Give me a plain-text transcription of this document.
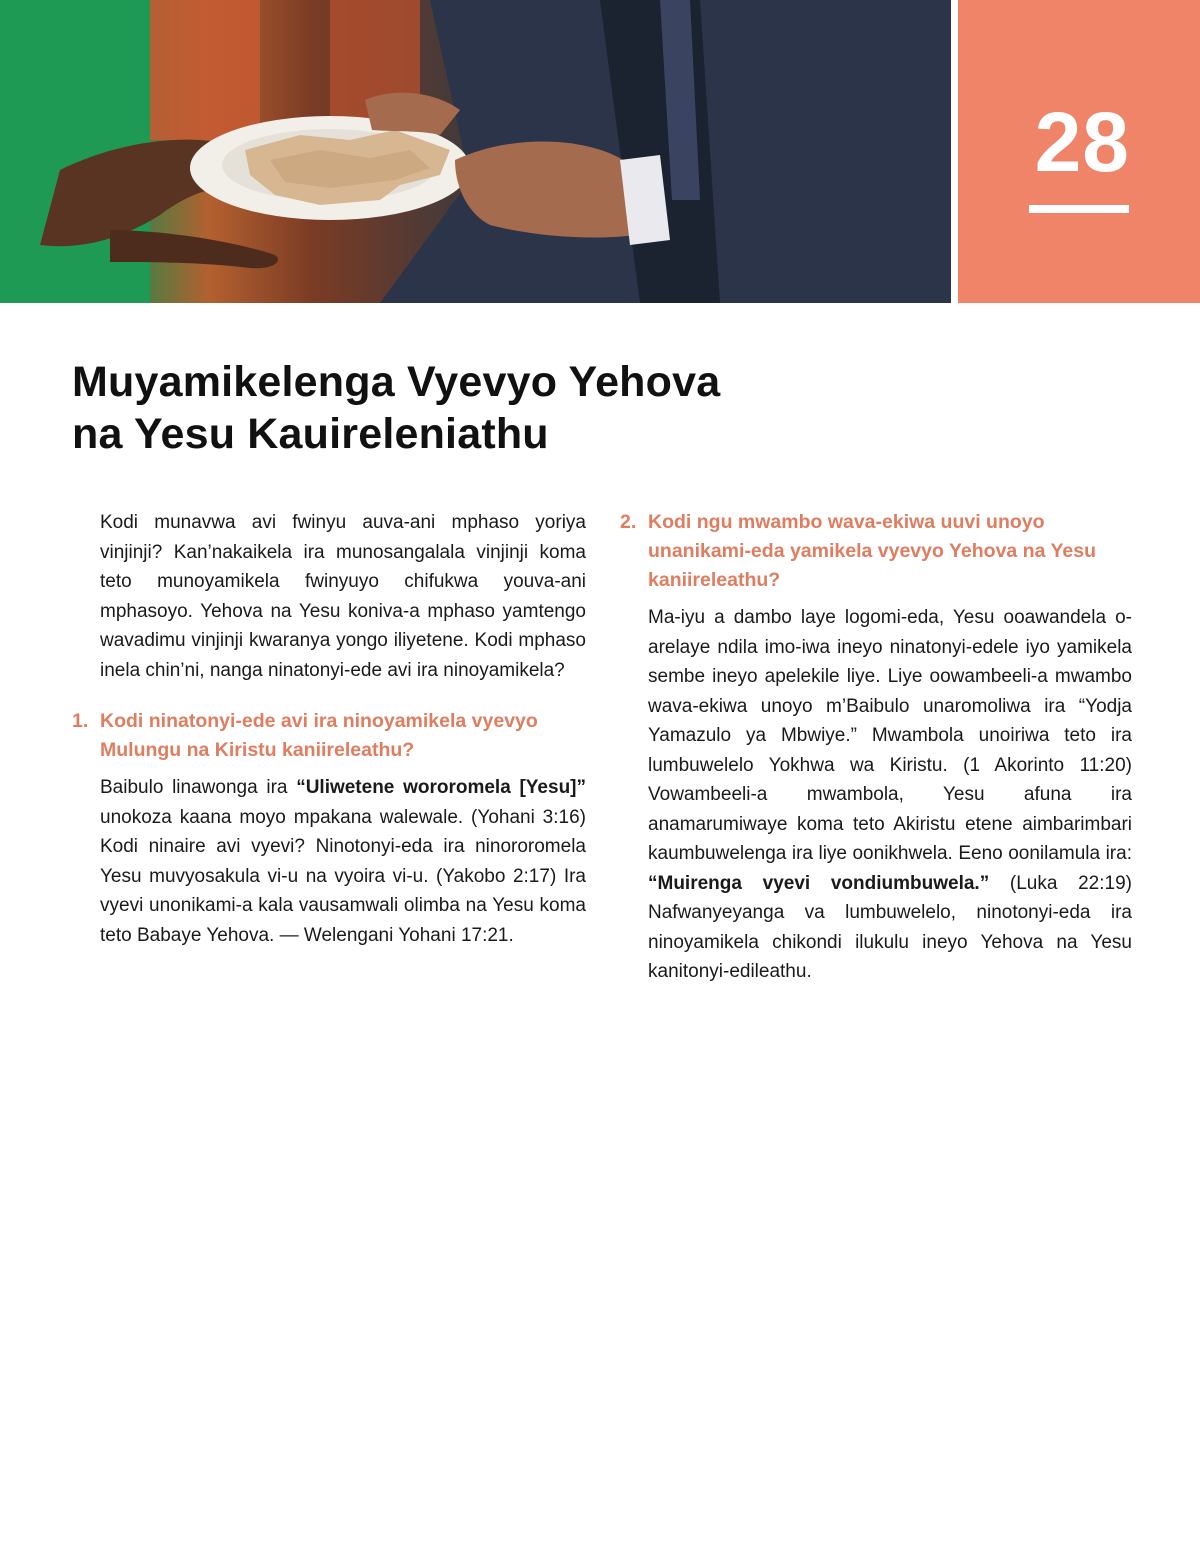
28
Muyamikelenga Vyevyo Yehova
na Yesu Kauireleniathu

Kodi munavwa avi fwinyu auva-ani mphaso yoriya vinjinji? Kan’nakaikela ira munosangalala vinjinji koma teto munoyamikela fwinyuyo chifukwa youva-ani mphasoyo. Yehova na Yesu koniva-a mphaso yamtengo wavadimu vinjinji kwaranya yongo iliyetene. Kodi mphaso inela chin’ni, nanga ninatonyi-ede avi ira ninoyamikela?

1. Kodi ninatonyi-ede avi ira ninoyamikela vyevyo Mulungu na Kiristu kaniireleathu?

Baibulo linawonga ira “Uliwetene wororomela [Yesu]” unokoza kaana moyo mpakana walewale. (Yohani 3:16) Kodi ninaire avi vyevi? Ninotonyi-eda ira ninororomela Yesu muvyosakula vi-u na vyoira vi-u. (Yakobo 2:17) Ira vyevi unonikami-a kala vausamwali olimba na Yesu koma teto Babaye Yehova. — Welengani Yohani 17:21.

2. Kodi ngu mwambo wava-ekiwa uuvi unoyo unanikami-eda yamikela vyevyo Yehova na Yesu kaniireleathu?

Ma-iyu a dambo laye logomi-eda, Yesu ooawandela o-arelaye ndila imo-iwa ineyo ninatonyi-edele iyo yamikela sembe ineyo apelekile liye. Liye oowambeeli-a mwambo wava-ekiwa unoyo m’Baibulo unaromoliwa ira “Yodja Yamazulo ya Mbwiye.” Mwambola unoiriwa teto ira lumbuwelelo Yokhwa wa Kiristu. (1 Akorinto 11:20) Vowambeeli-a mwambola, Yesu afuna ira anamarumiwaye koma teto Akiristu etene aimbarimbari kaumbuwelenga ira liye oonikhwela. Eeno oonilamula ira: “Muirenga vyevi vondiumbuwela.” (Luka 22:19) Nafwanyeyanga va lumbuwelelo, ninotonyi-eda ira ninoyamikela chikondi ilukulu ineyo Yehova na Yesu kanitonyi-edileathu.
